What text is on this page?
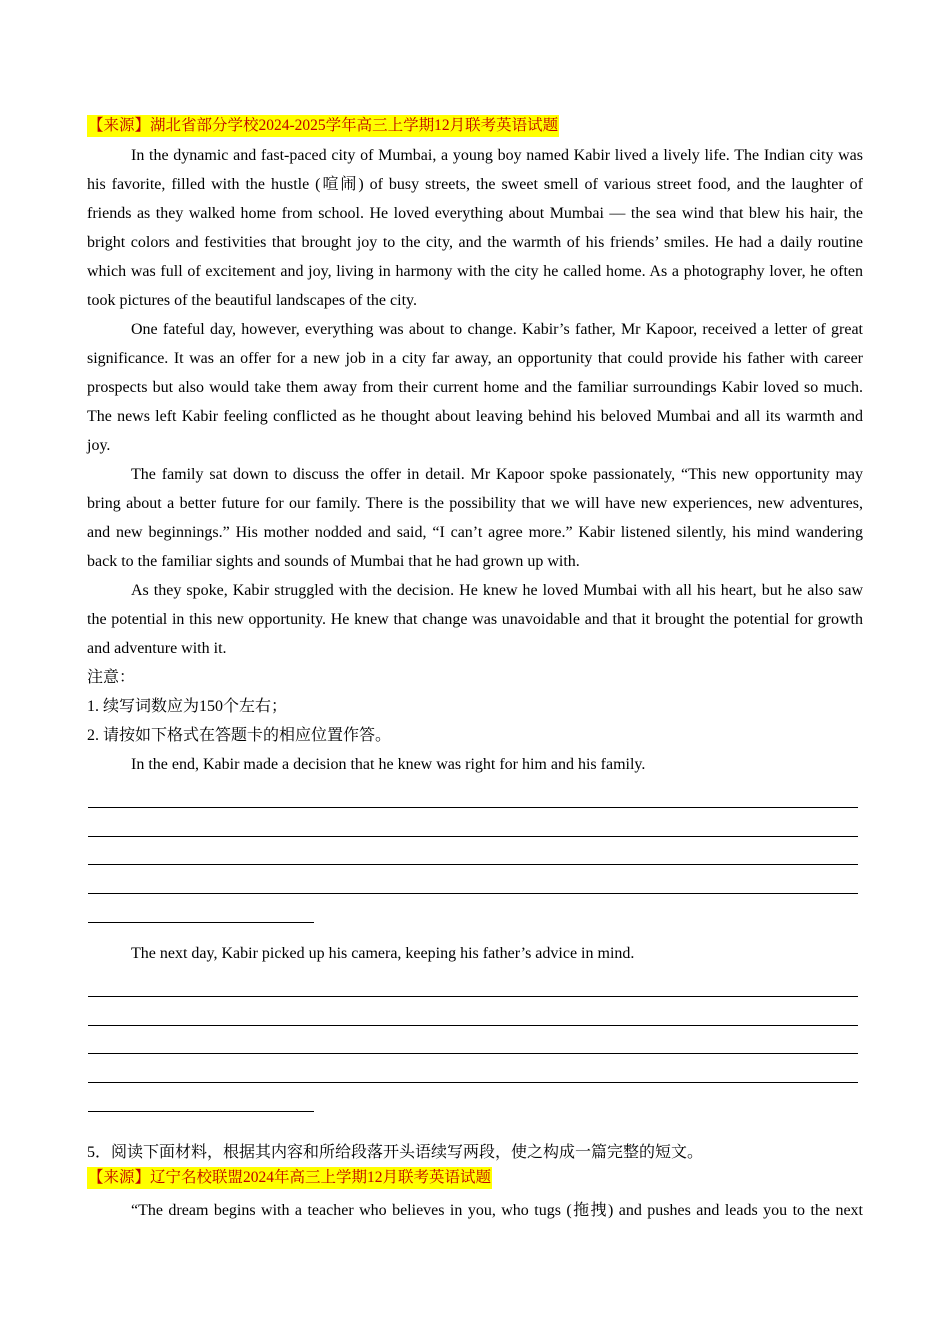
【来源】湖北省部分学校2024-2025学年高三上学期12月联考英语试题

In the dynamic and fast-paced city of Mumbai, a young boy named Kabir lived a lively life. The Indian city was his favorite, filled with the hustle (喧闹) of busy streets, the sweet smell of various street food, and the laughter of friends as they walked home from school. He loved everything about Mumbai — the sea wind that blew his hair, the bright colors and festivities that brought joy to the city, and the warmth of his friends’ smiles. He had a daily routine which was full of excitement and joy, living in harmony with the city he called home. As a photography lover, he often took pictures of the beautiful landscapes of the city.

One fateful day, however, everything was about to change. Kabir’s father, Mr Kapoor, received a letter of great significance. It was an offer for a new job in a city far away, an opportunity that could provide his father with career prospects but also would take them away from their current home and the familiar surroundings Kabir loved so much. The news left Kabir feeling conflicted as he thought about leaving behind his beloved Mumbai and all its warmth and joy.

The family sat down to discuss the offer in detail. Mr Kapoor spoke passionately, “This new opportunity may bring about a better future for our family. There is the possibility that we will have new experiences, new adventures, and new beginnings.” His mother nodded and said, “I can’t agree more.” Kabir listened silently, his mind wandering back to the familiar sights and sounds of Mumbai that he had grown up with.

As they spoke, Kabir struggled with the decision. He knew he loved Mumbai with all his heart, but he also saw the potential in this new opportunity. He knew that change was unavoidable and that it brought the potential for growth and adventure with it.

注意：

1. 续写词数应为150个左右；

2. 请按如下格式在答题卡的相应位置作答。

In the end, Kabir made a decision that he knew was right for him and his family.

The next day, Kabir picked up his camera, keeping his father’s advice in mind.

5．阅读下面材料，根据其内容和所给段落开头语续写两段，使之构成一篇完整的短文。

【来源】辽宁名校联盟2024年高三上学期12月联考英语试题

“The dream begins with a teacher who believes in you, who tugs (拖拽) and pushes and leads you to the next
